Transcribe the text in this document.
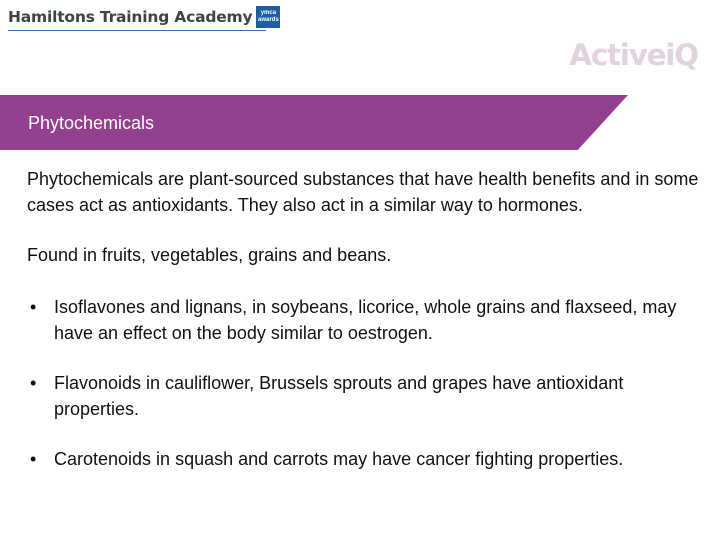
Hamiltons Training Academy	ymca
awards
ActiveiQ
Phytochemicals

Phytochemicals are plant-sourced substances that have health benefits and in some cases act as antioxidants. They also act in a similar way to hormones.

Found in fruits, vegetables, grains and beans.

• Isoflavones and lignans, in soybeans, licorice, whole grains and flaxseed, may have an effect on the body similar to oestrogen.
• Flavonoids in cauliflower, Brussels sprouts and grapes have antioxidant properties.
• Carotenoids in squash and carrots may have cancer fighting properties.
